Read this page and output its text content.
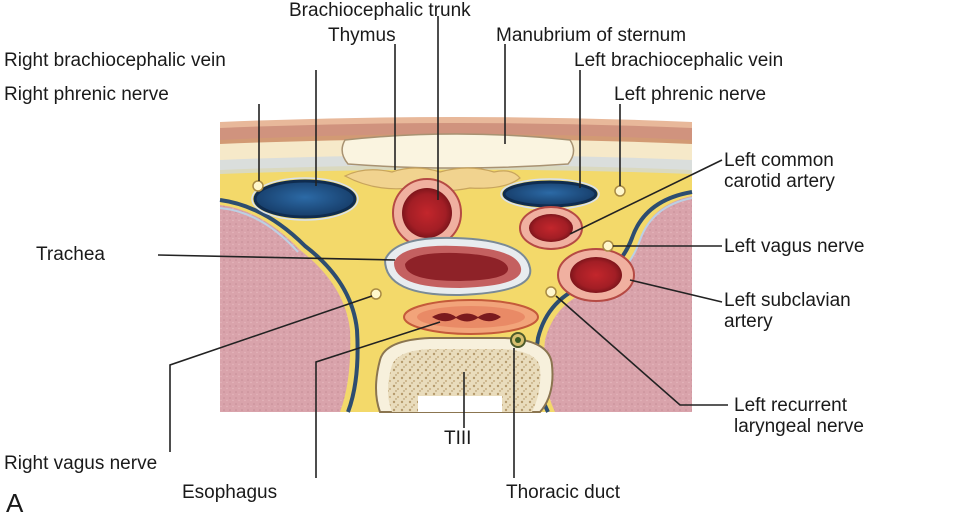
Brachiocephalic trunk
Thymus	Manubrium of sternum
Right brachiocephalic vein	Left brachiocephalic vein
Right phrenic nerve	Left phrenic nerve
Left common
carotid artery
Trachea	Left vagus nerve
Left subclavian
artery
Left recurrent
laryngeal nerve
TIII
Right vagus nerve
Esophagus	Thoracic duct
A
